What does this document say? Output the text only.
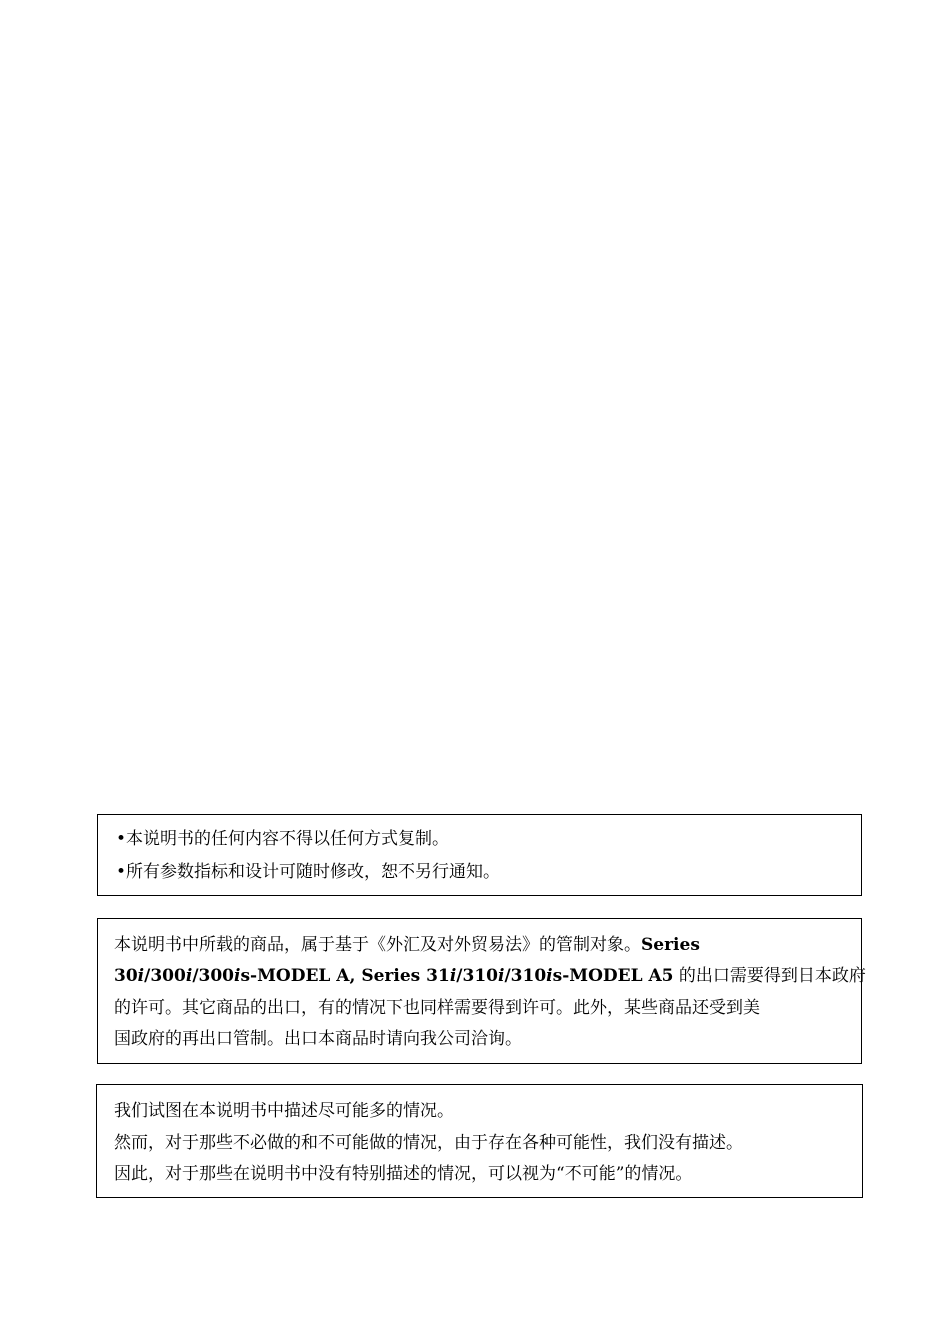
•本说明书的任何内容不得以任何方式复制。
•所有参数指标和设计可随时修改，恕不另行通知。
本说明书中所载的商品，属于基于《外汇及对外贸易法》的管制对象。Series
30i/300i/300is-MODEL A, Series 31i/310i/310is-MODEL A5 的出口需要得到日本政府
的许可。其它商品的出口，有的情况下也同样需要得到许可。此外，某些商品还受到美
国政府的再出口管制。出口本商品时请向我公司洽询。
我们试图在本说明书中描述尽可能多的情况。
然而，对于那些不必做的和不可能做的情况，由于存在各种可能性，我们没有描述。
因此，对于那些在说明书中没有特别描述的情况，可以视为“不可能”的情况。
